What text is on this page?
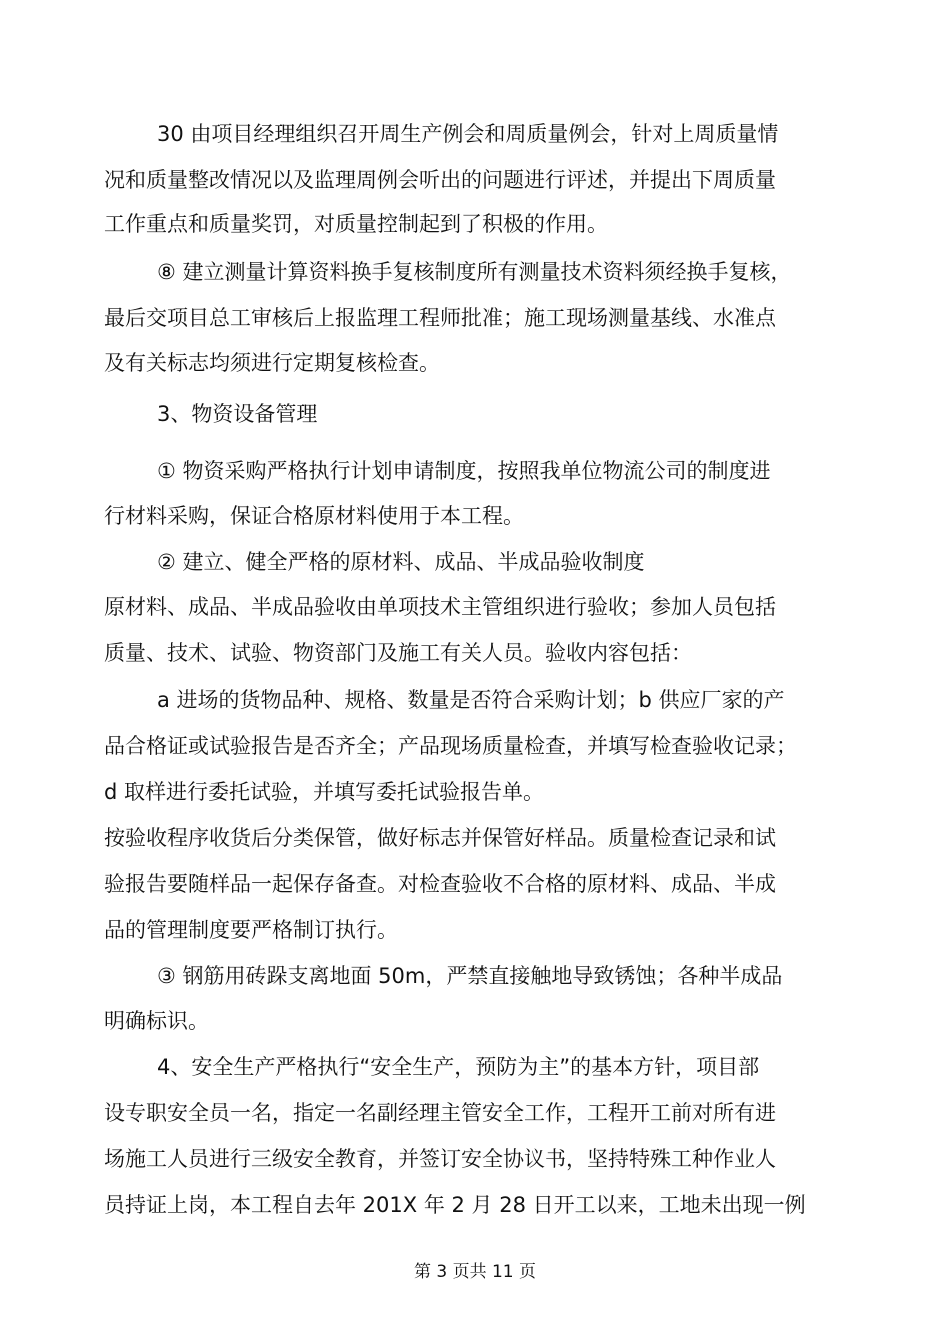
30 由项目经理组织召开周生产例会和周质量例会，针对上周质量情
况和质量整改情况以及监理周例会听出的问题进行评述，并提出下周质量
工作重点和质量奖罚，对质量控制起到了积极的作用。
⑧ 建立测量计算资料换手复核制度所有测量技术资料须经换手复核，
最后交项目总工审核后上报监理工程师批准；施工现场测量基线、水准点
及有关标志均须进行定期复核检查。
3、物资设备管理
① 物资采购严格执行计划申请制度，按照我单位物流公司的制度进
行材料采购，保证合格原材料使用于本工程。
② 建立、健全严格的原材料、成品、半成品验收制度
原材料、成品、半成品验收由单项技术主管组织进行验收；参加人员包括
质量、技术、试验、物资部门及施工有关人员。验收内容包括：
a 进场的货物品种、规格、数量是否符合采购计划；b 供应厂家的产
品合格证或试验报告是否齐全；产品现场质量检查，并填写检查验收记录；
d 取样进行委托试验，并填写委托试验报告单。
按验收程序收货后分类保管，做好标志并保管好样品。质量检查记录和试
验报告要随样品一起保存备查。对检查验收不合格的原材料、成品、半成
品的管理制度要严格制订执行。
③ 钢筋用砖跺支离地面 50m，严禁直接触地导致锈蚀；各种半成品
明确标识。
4、安全生产严格执行“安全生产，预防为主”的基本方针，项目部
设专职安全员一名，指定一名副经理主管安全工作，工程开工前对所有进
场施工人员进行三级安全教育，并签订安全协议书，坚持特殊工种作业人
员持证上岗，本工程自去年 201X 年 2 月 28 日开工以来，工地未出现一例
第 3 页共 11 页
